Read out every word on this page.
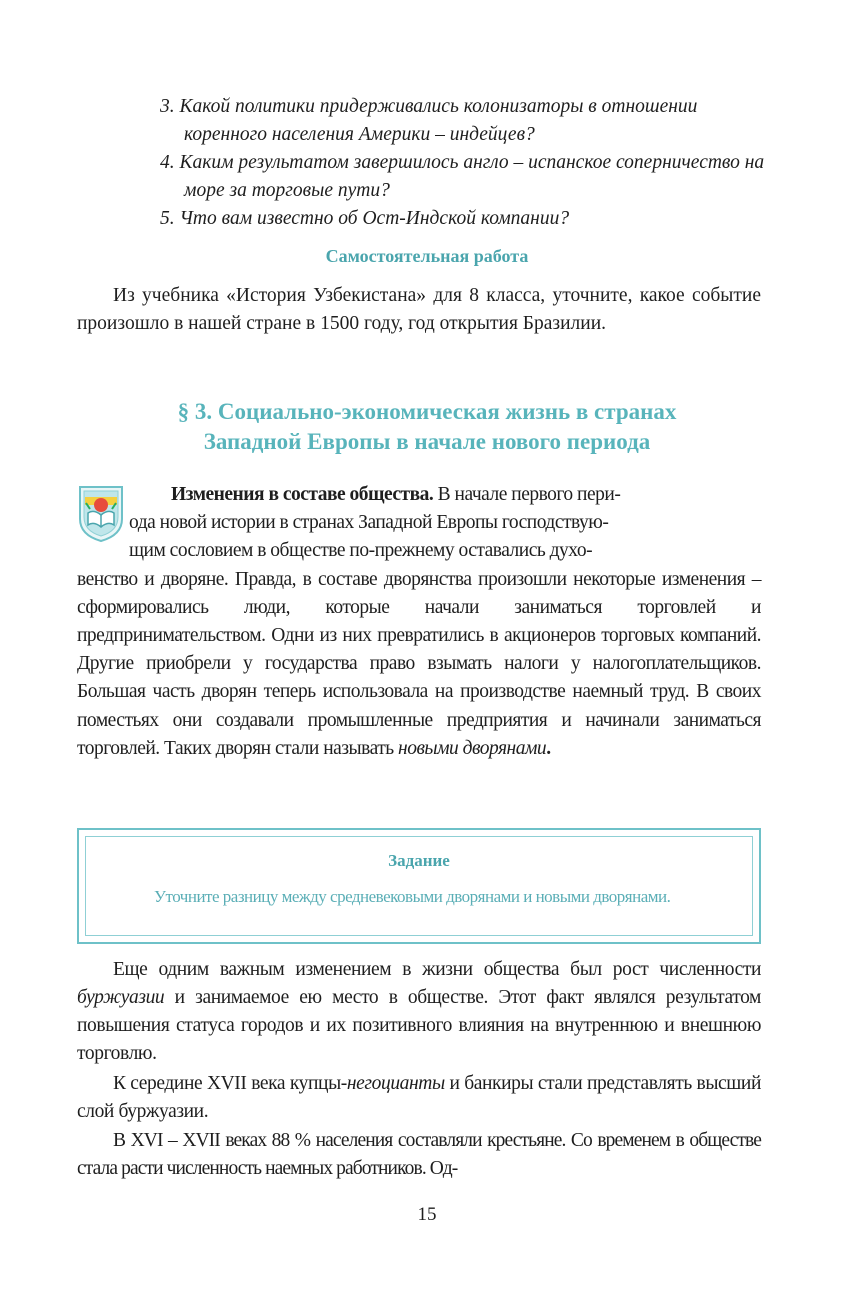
3. Какой политики придерживались колонизаторы в отношении коренного населения Америки – индейцев?

4. Каким результатом завершилось англо – испанское соперничество на море за торговые пути?

5. Что вам известно об Ост-Индской компании?

Самостоятельная работа

Из учебника «История Узбекистана» для 8 класса, уточните, какое событие произошло в нашей стране в 1500 году, год открытия Бразилии.

§ 3. Социально-экономическая жизнь в странах
Западной Европы в начале нового периода

Изменения в составе общества. В начале первого пери-
ода новой истории в странах Западной Европы господствую-
щим сословием в обществе по-прежнему оставались духо-
венство и дворяне. Правда, в составе дворянства произошли некоторые изменения – сформировались люди, которые начали заниматься торговлей и предпринимательством. Одни из них превратились в акционеров торговых компаний. Другие приобрели у государства право взымать налоги у налогоплательщиков. Большая часть дворян теперь использовала на производстве наемный труд. В своих поместьях они создавали промышленные предприятия и начинали заниматься торговлей. Таких дворян стали называть новыми дворянами.

Задание

Уточните разницу между средневековыми дворянами и новыми дворянами.

Еще одним важным изменением в жизни общества был рост численности буржуазии и занимаемое ею место в обществе. Этот факт являлся результатом повышения статуса городов и их позитивного влияния на внутреннюю и внешнюю торговлю.

К середине XVII века купцы-негоцианты и банкиры стали представлять высший слой буржуазии.

В XVI – XVII веках 88 % населения составляли крестьяне. Со временем в обществе стала расти численность наемных работников. Од-

15
